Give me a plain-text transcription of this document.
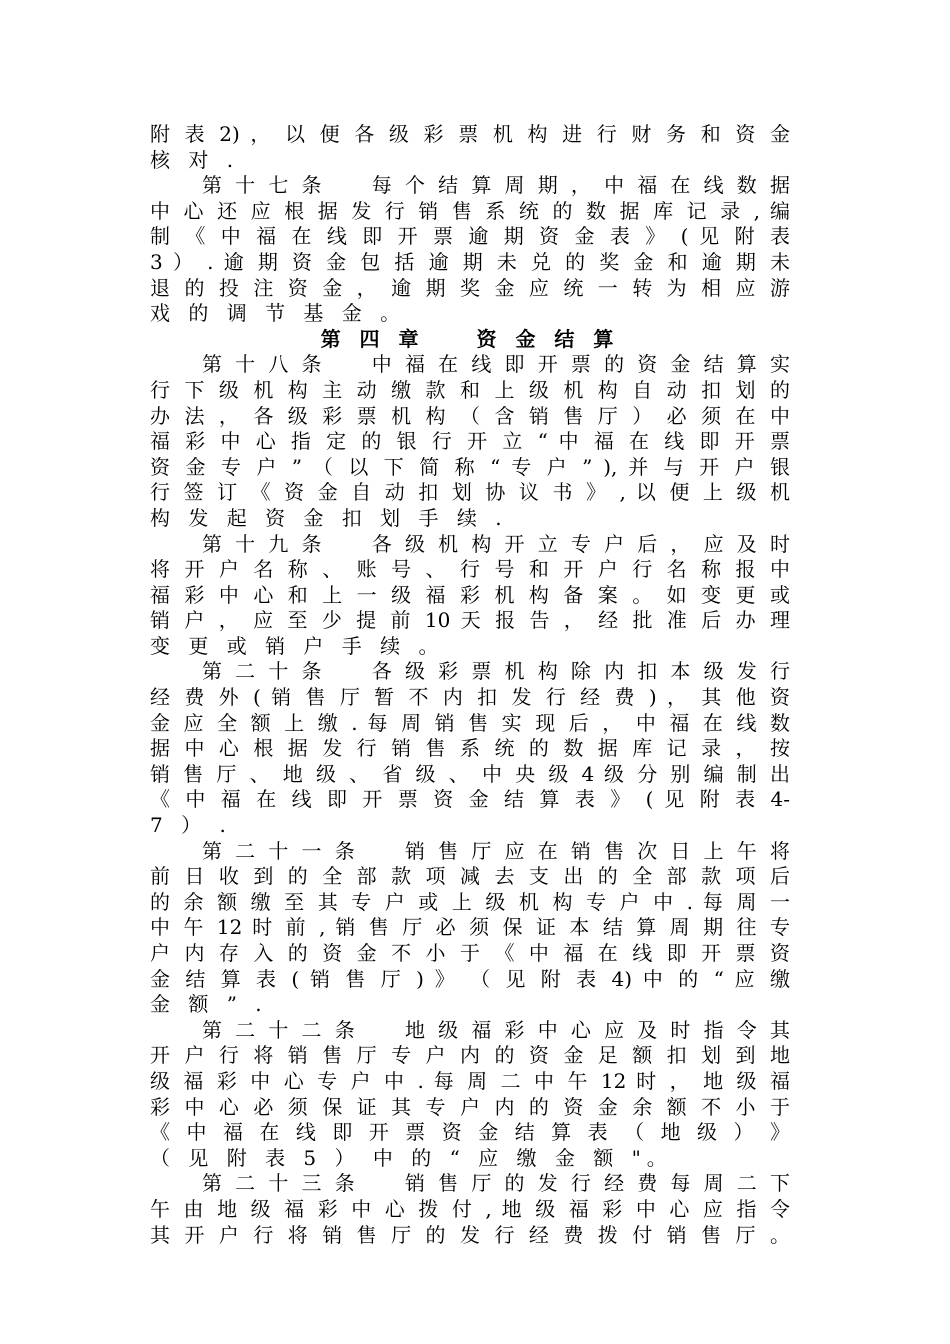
附 表 2) ， 以 便 各 级 彩 票 机 构 进 行 财 务 和 资 金
核 对 .
第 十 七 条　　每 个 结 算 周 期 ， 中 福 在 线 数 据
中 心 还 应 根 据 发 行 销 售 系 统 的 数 据 库 记 录 , 编
制 《 中 福 在 线 即 开 票 逾 期 资 金 表 》 ( 见 附 表
3 ） . 逾 期 资 金 包 括 逾 期 未 兑 的 奖 金 和 逾 期 未
退 的 投 注 资 金 ， 逾 期 奖 金 应 统 一 转 为 相 应 游
戏 的 调 节 基 金 。
第 四 章　　资 金 结 算
第 十 八 条　　中 福 在 线 即 开 票 的 资 金 结 算 实
行 下 级 机 构 主 动 缴 款 和 上 级 机 构 自 动 扣 划 的
办 法 ， 各 级 彩 票 机 构 （ 含 销 售 厅 ） 必 须 在 中
福 彩 中 心 指 定 的 银 行 开 立 “ 中 福 在 线 即 开 票
资 金 专 户 ” （ 以 下 简 称 “ 专 户 ” ), 并 与 开 户 银
行 签 订 《 资 金 自 动 扣 划 协 议 书 》 , 以 便 上 级 机
构 发 起 资 金 扣 划 手 续 .
第 十 九 条　　各 级 机 构 开 立 专 户 后 ， 应 及 时
将 开 户 名 称 、 账 号 、 行 号 和 开 户 行 名 称 报 中
福 彩 中 心 和 上 一 级 福 彩 机 构 备 案 。 如 变 更 或
销 户 ， 应 至 少 提 前 10 天 报 告 ， 经 批 准 后 办 理
变 更 或 销 户 手 续 。
第 二 十 条　　各 级 彩 票 机 构 除 内 扣 本 级 发 行
经 费 外 ( 销 售 厅 暂 不 内 扣 发 行 经 费 ) ， 其 他 资
金 应 全 额 上 缴 . 每 周 销 售 实 现 后 ， 中 福 在 线 数
据 中 心 根 据 发 行 销 售 系 统 的 数 据 库 记 录 ， 按
销 售 厅 、 地 级 、 省 级 、 中 央 级 4 级 分 别 编 制 出
《 中 福 在 线 即 开 票 资 金 结 算 表 》 ( 见 附 表 4-
7 ） .
第 二 十 一 条　　销 售 厅 应 在 销 售 次 日 上 午 将
前 日 收 到 的 全 部 款 项 减 去 支 出 的 全 部 款 项 后
的 余 额 缴 至 其 专 户 或 上 级 机 构 专 户 中 . 每 周 一
中 午 12 时 前 , 销 售 厅 必 须 保 证 本 结 算 周 期 往 专
户 内 存 入 的 资 金 不 小 于 《 中 福 在 线 即 开 票 资
金 结 算 表 ( 销 售 厅 ) 》 （ 见 附 表 4) 中 的 “ 应 缴
金 额 ” .
第 二 十 二 条　　地 级 福 彩 中 心 应 及 时 指 令 其
开 户 行 将 销 售 厅 专 户 内 的 资 金 足 额 扣 划 到 地
级 福 彩 中 心 专 户 中 . 每 周 二 中 午 12 时 ， 地 级 福
彩 中 心 必 须 保 证 其 专 户 内 的 资 金 余 额 不 小 于
《 中 福 在 线 即 开 票 资 金 结 算 表 （ 地 级 ） 》
（ 见 附 表 5 ） 中 的 “ 应 缴 金 额 "。
第 二 十 三 条　　销 售 厅 的 发 行 经 费 每 周 二 下
午 由 地 级 福 彩 中 心 拨 付 , 地 级 福 彩 中 心 应 指 令
其 开 户 行 将 销 售 厅 的 发 行 经 费 拨 付 销 售 厅 。
